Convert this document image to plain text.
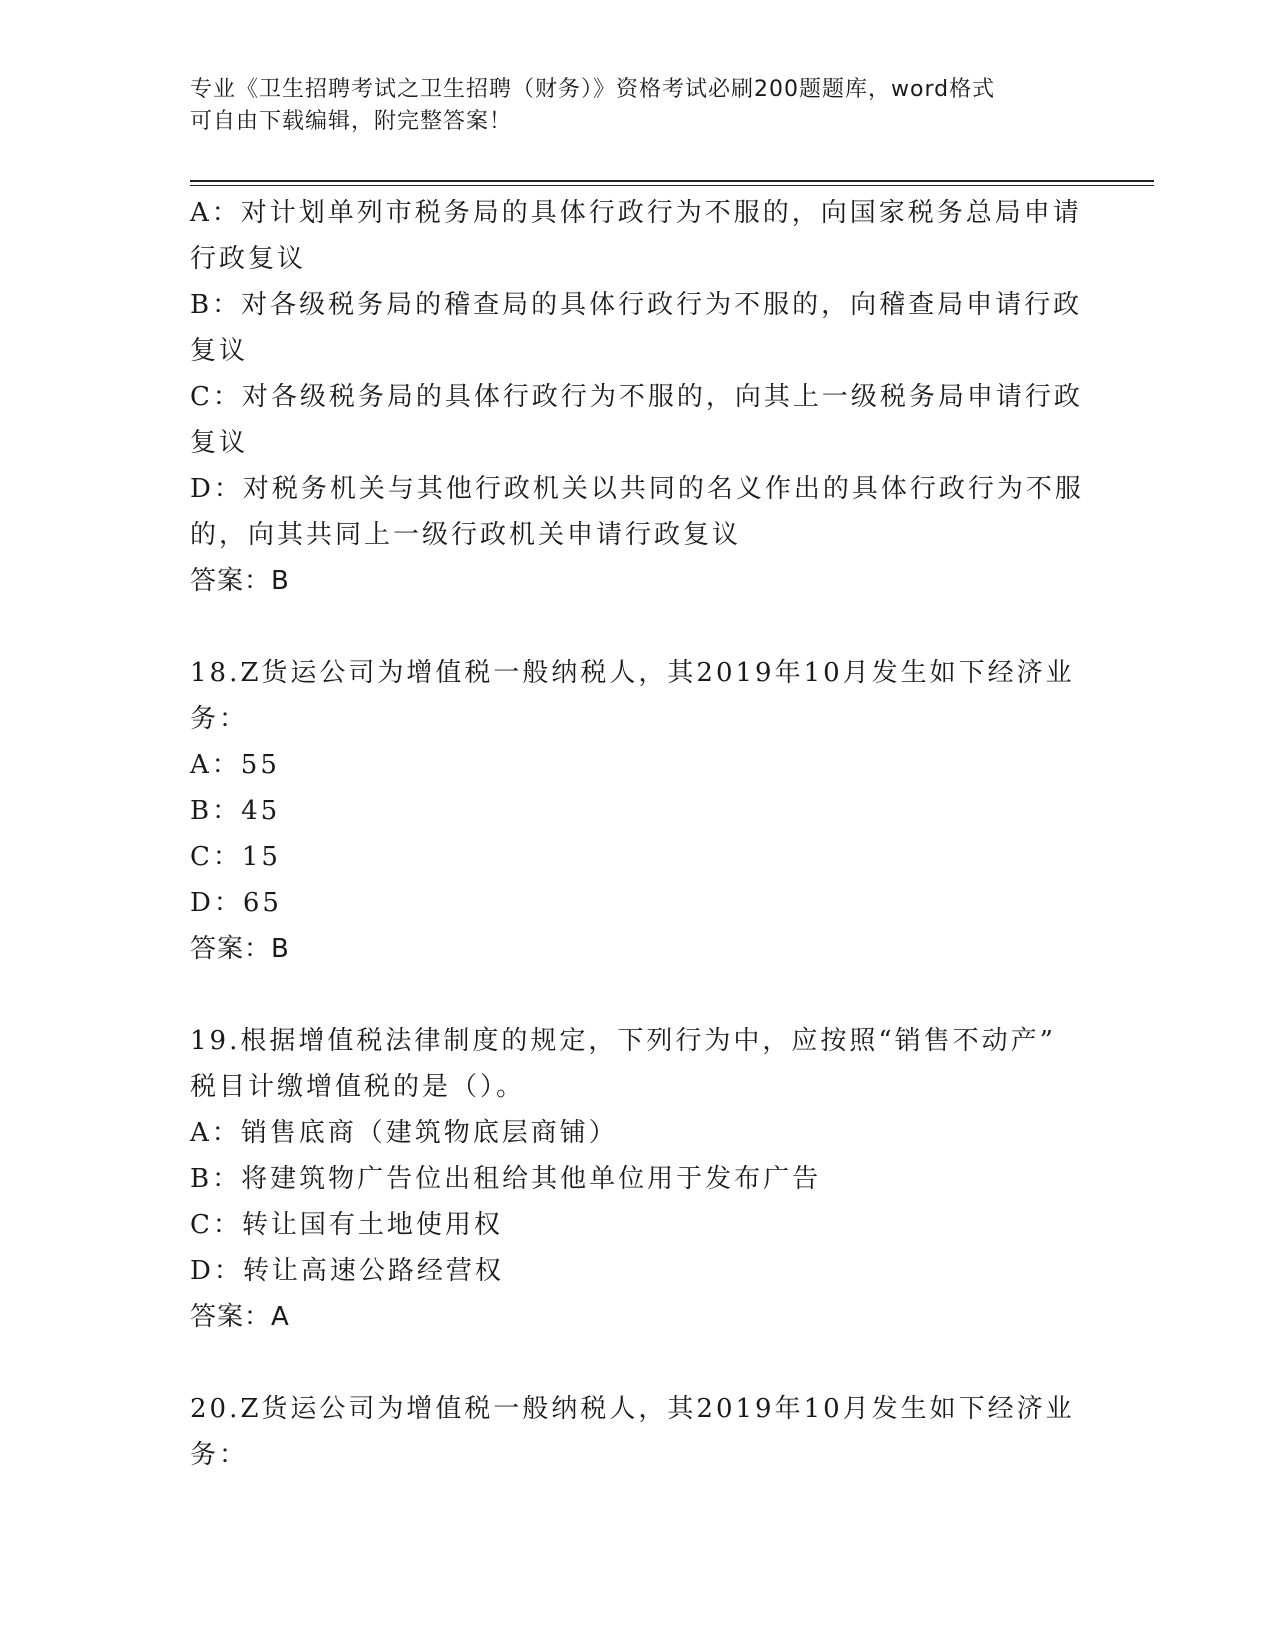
专业《卫生招聘考试之卫生招聘（财务）》资格考试必刷200题题库，word格式
可自由下载编辑，附完整答案！
A：对计划单列市税务局的具体行政行为不服的，向国家税务总局申请
行政复议
B：对各级税务局的稽查局的具体行政行为不服的，向稽查局申请行政
复议
C：对各级税务局的具体行政行为不服的，向其上一级税务局申请行政
复议
D：对税务机关与其他行政机关以共同的名义作出的具体行政行为不服
的，向其共同上一级行政机关申请行政复议
答案：B
18.Z货运公司为增值税一般纳税人，其2019年10月发生如下经济业
务：
A：55
B：45
C：15
D：65
答案：B
19.根据增值税法律制度的规定，下列行为中，应按照“销售不动产”
税目计缴增值税的是（）。
A：销售底商（建筑物底层商铺）
B：将建筑物广告位出租给其他单位用于发布广告
C：转让国有土地使用权
D：转让高速公路经营权
答案：A
20.Z货运公司为增值税一般纳税人，其2019年10月发生如下经济业
务：
